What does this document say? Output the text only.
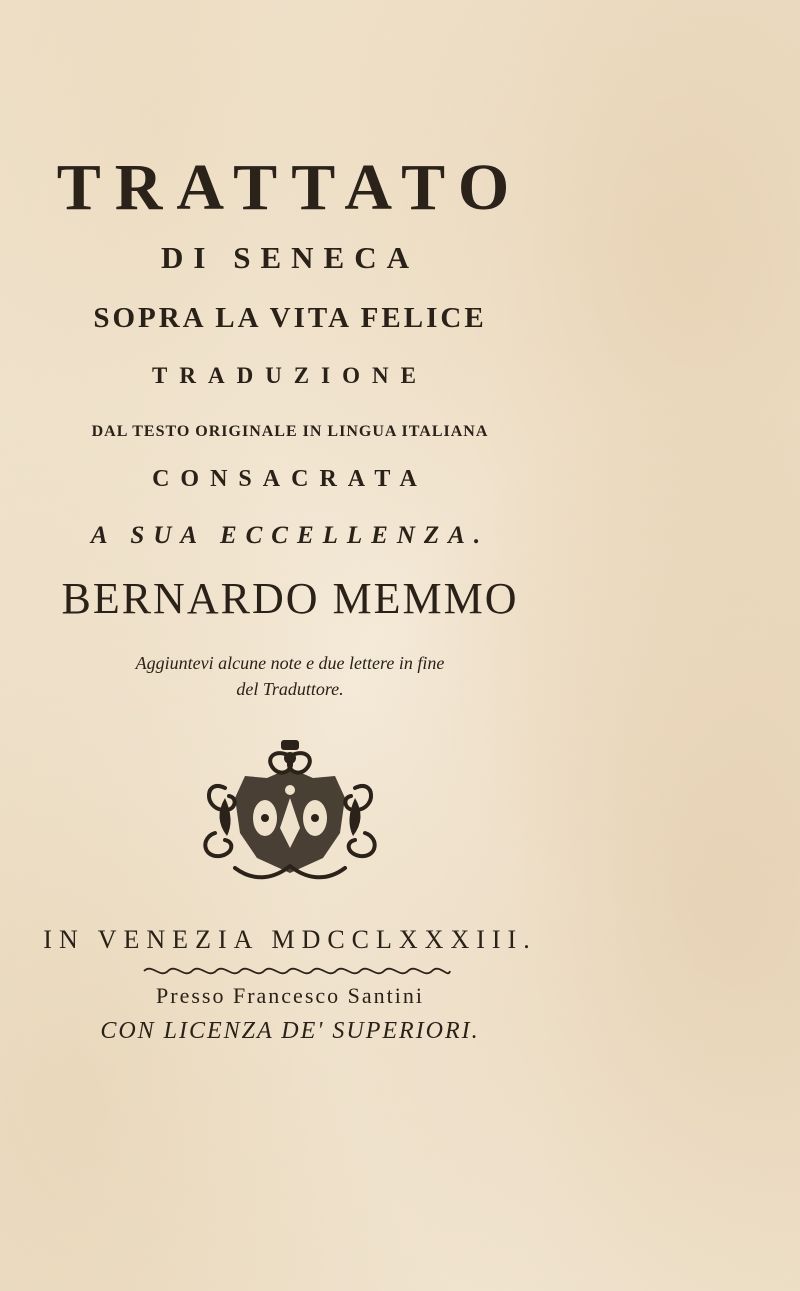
TRATTATO
DI SENECA
SOPRA LA VITA FELICE
TRADUZIONE
DAL TESTO ORIGINALE IN LINGUA ITALIANA
CONSACRATA
A SUA ECCELLENZA.
BERNARDO MEMMO
Aggiuntevi alcune note e due lettere in fine
del Traduttore.
IN VENEZIA MDCCLXXXIII.
Presso Francesco Santini
CON LICENZA DE' SUPERIORI.
